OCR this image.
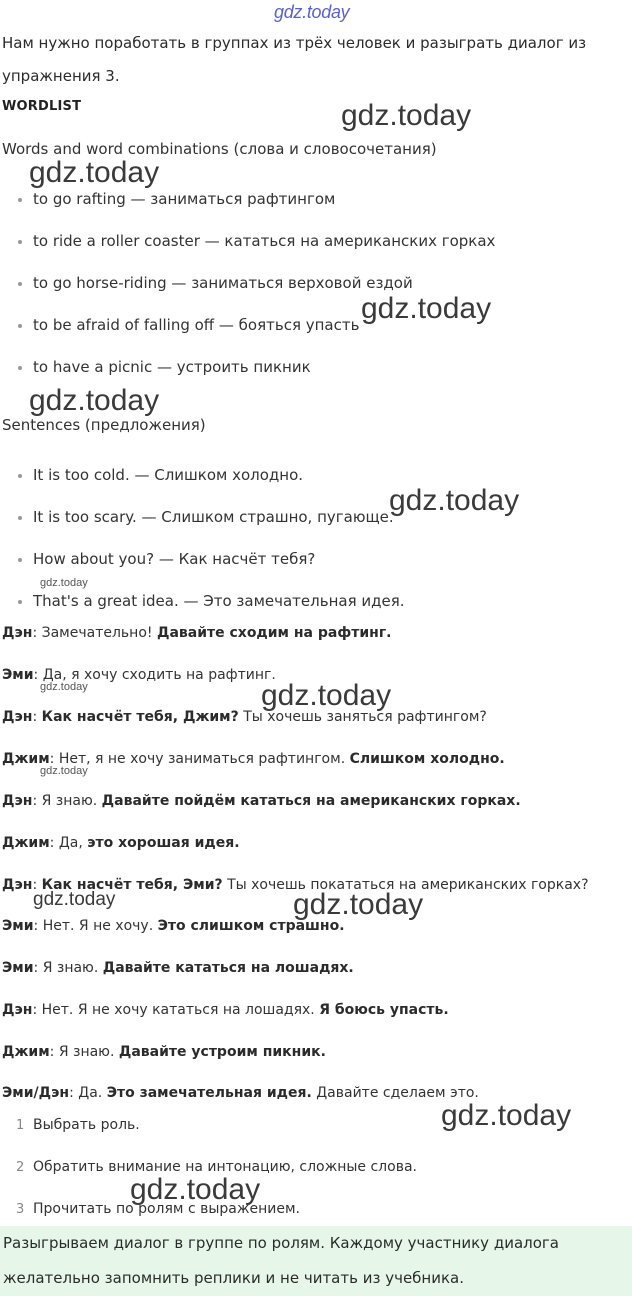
gdz.today
Нам нужно поработать в группах из трёх человек и разыграть диалог из
упражнения 3.
WORDLIST
Words and word combinations (слова и словосочетания)
to go rafting — заниматься рафтингом
to ride a roller coaster — кататься на американских горках
to go horse-riding — заниматься верховой ездой
to be afraid of falling off — бояться упасть
to have a picnic — устроить пикник
Sentences (предложения)
It is too cold. — Слишком холодно.
It is too scary. — Слишком страшно, пугающе.
How about you? — Как насчёт тебя?
That's a great idea. — Это замечательная идея.
Дэн: Замечательно! Давайте сходим на рафтинг.
Эми: Да, я хочу сходить на рафтинг.
Дэн: Как насчёт тебя, Джим? Ты хочешь заняться рафтингом?
Джим: Нет, я не хочу заниматься рафтингом. Слишком холодно.
Дэн: Я знаю. Давайте пойдём кататься на американских горках.
Джим: Да, это хорошая идея.
Дэн: Как насчёт тебя, Эми? Ты хочешь покататься на американских горках?
Эми: Нет. Я не хочу. Это слишком страшно.
Эми: Я знаю. Давайте кататься на лошадях.
Дэн: Нет. Я не хочу кататься на лошадях. Я боюсь упасть.
Джим: Я знаю. Давайте устроим пикник.
Эми/Дэн: Да. Это замечательная идея. Давайте сделаем это.
1 Выбрать роль.
2 Обратить внимание на интонацию, сложные слова.
3 Прочитать по ролям с выражением.
Разыгрываем диалог в группе по ролям. Каждому участнику диалога
желательно запомнить реплики и не читать из учебника.
gdz.today
gdz.today
gdz.today
gdz.today
gdz.today
gdz.today
gdz.today
gdz.today
gdz.today
gdz.today
gdz.today
gdz.today
gdz.today
